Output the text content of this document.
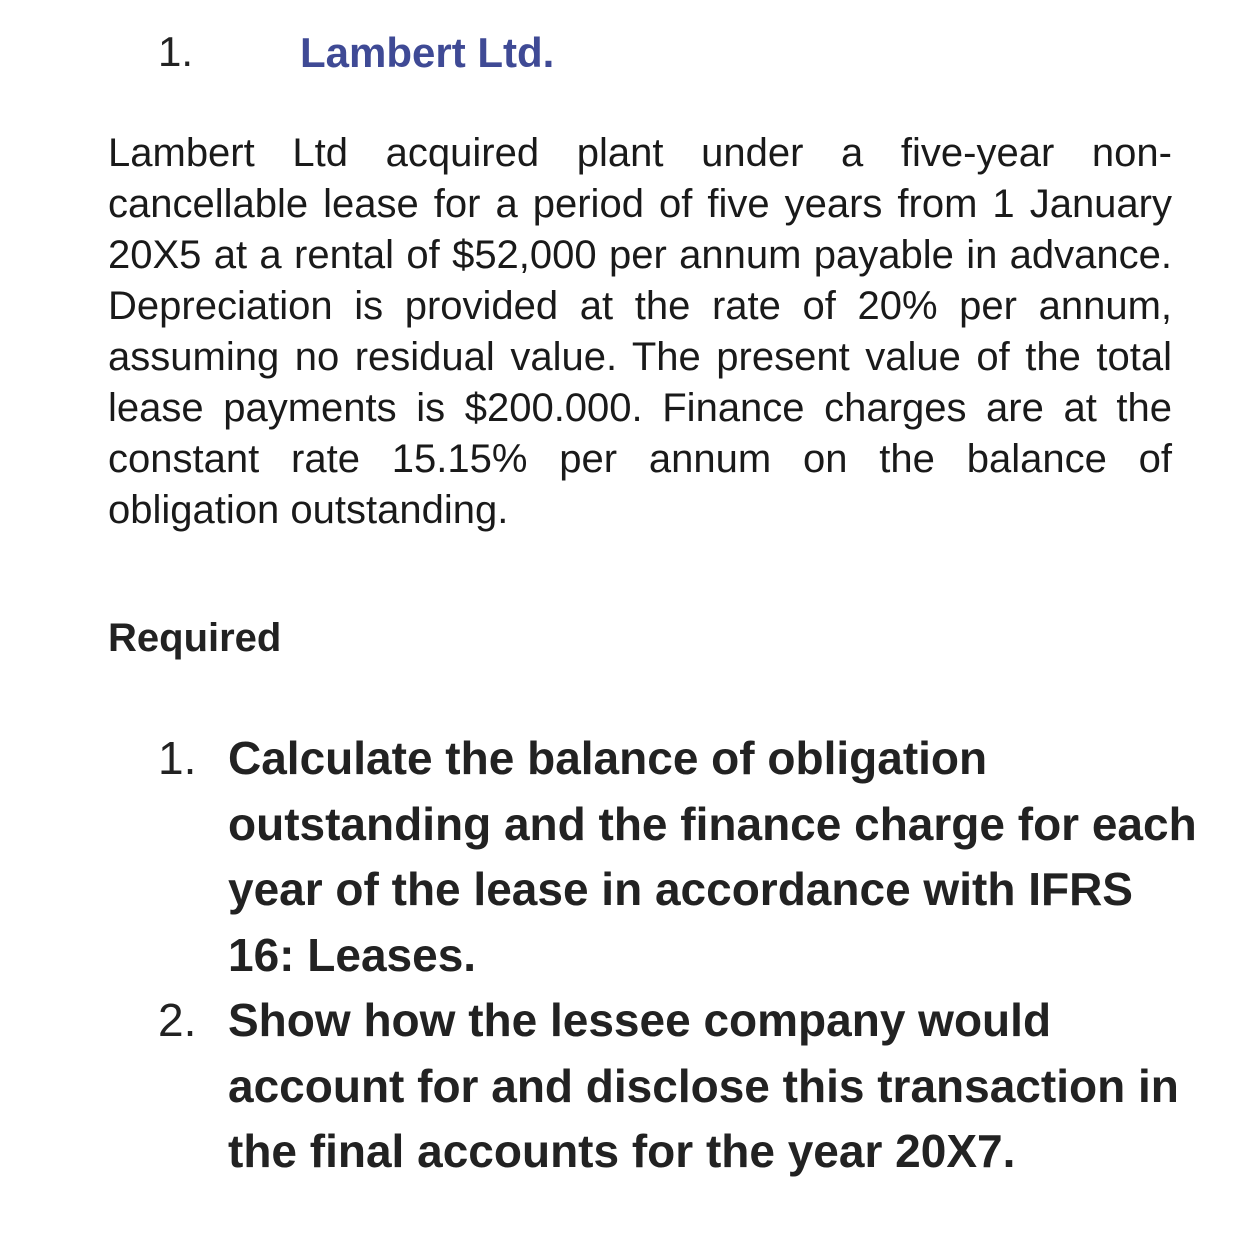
1.	Lambert Ltd.

Lambert Ltd acquired plant under a five-year non-cancellable lease for a period of five years from 1 January 20X5 at a rental of $52,000 per annum payable in advance. Depreciation is provided at the rate of 20% per annum, assuming no residual value. The present value of the total lease payments is $200.000. Finance charges are at the constant rate 15.15% per annum on the balance of obligation outstanding.

Required
1. Calculate the balance of obligation outstanding and the finance charge for each year of the lease in accordance with IFRS 16: Leases.
2. Show how the lessee company would account for and disclose this transaction in the final accounts for the year 20X7.
